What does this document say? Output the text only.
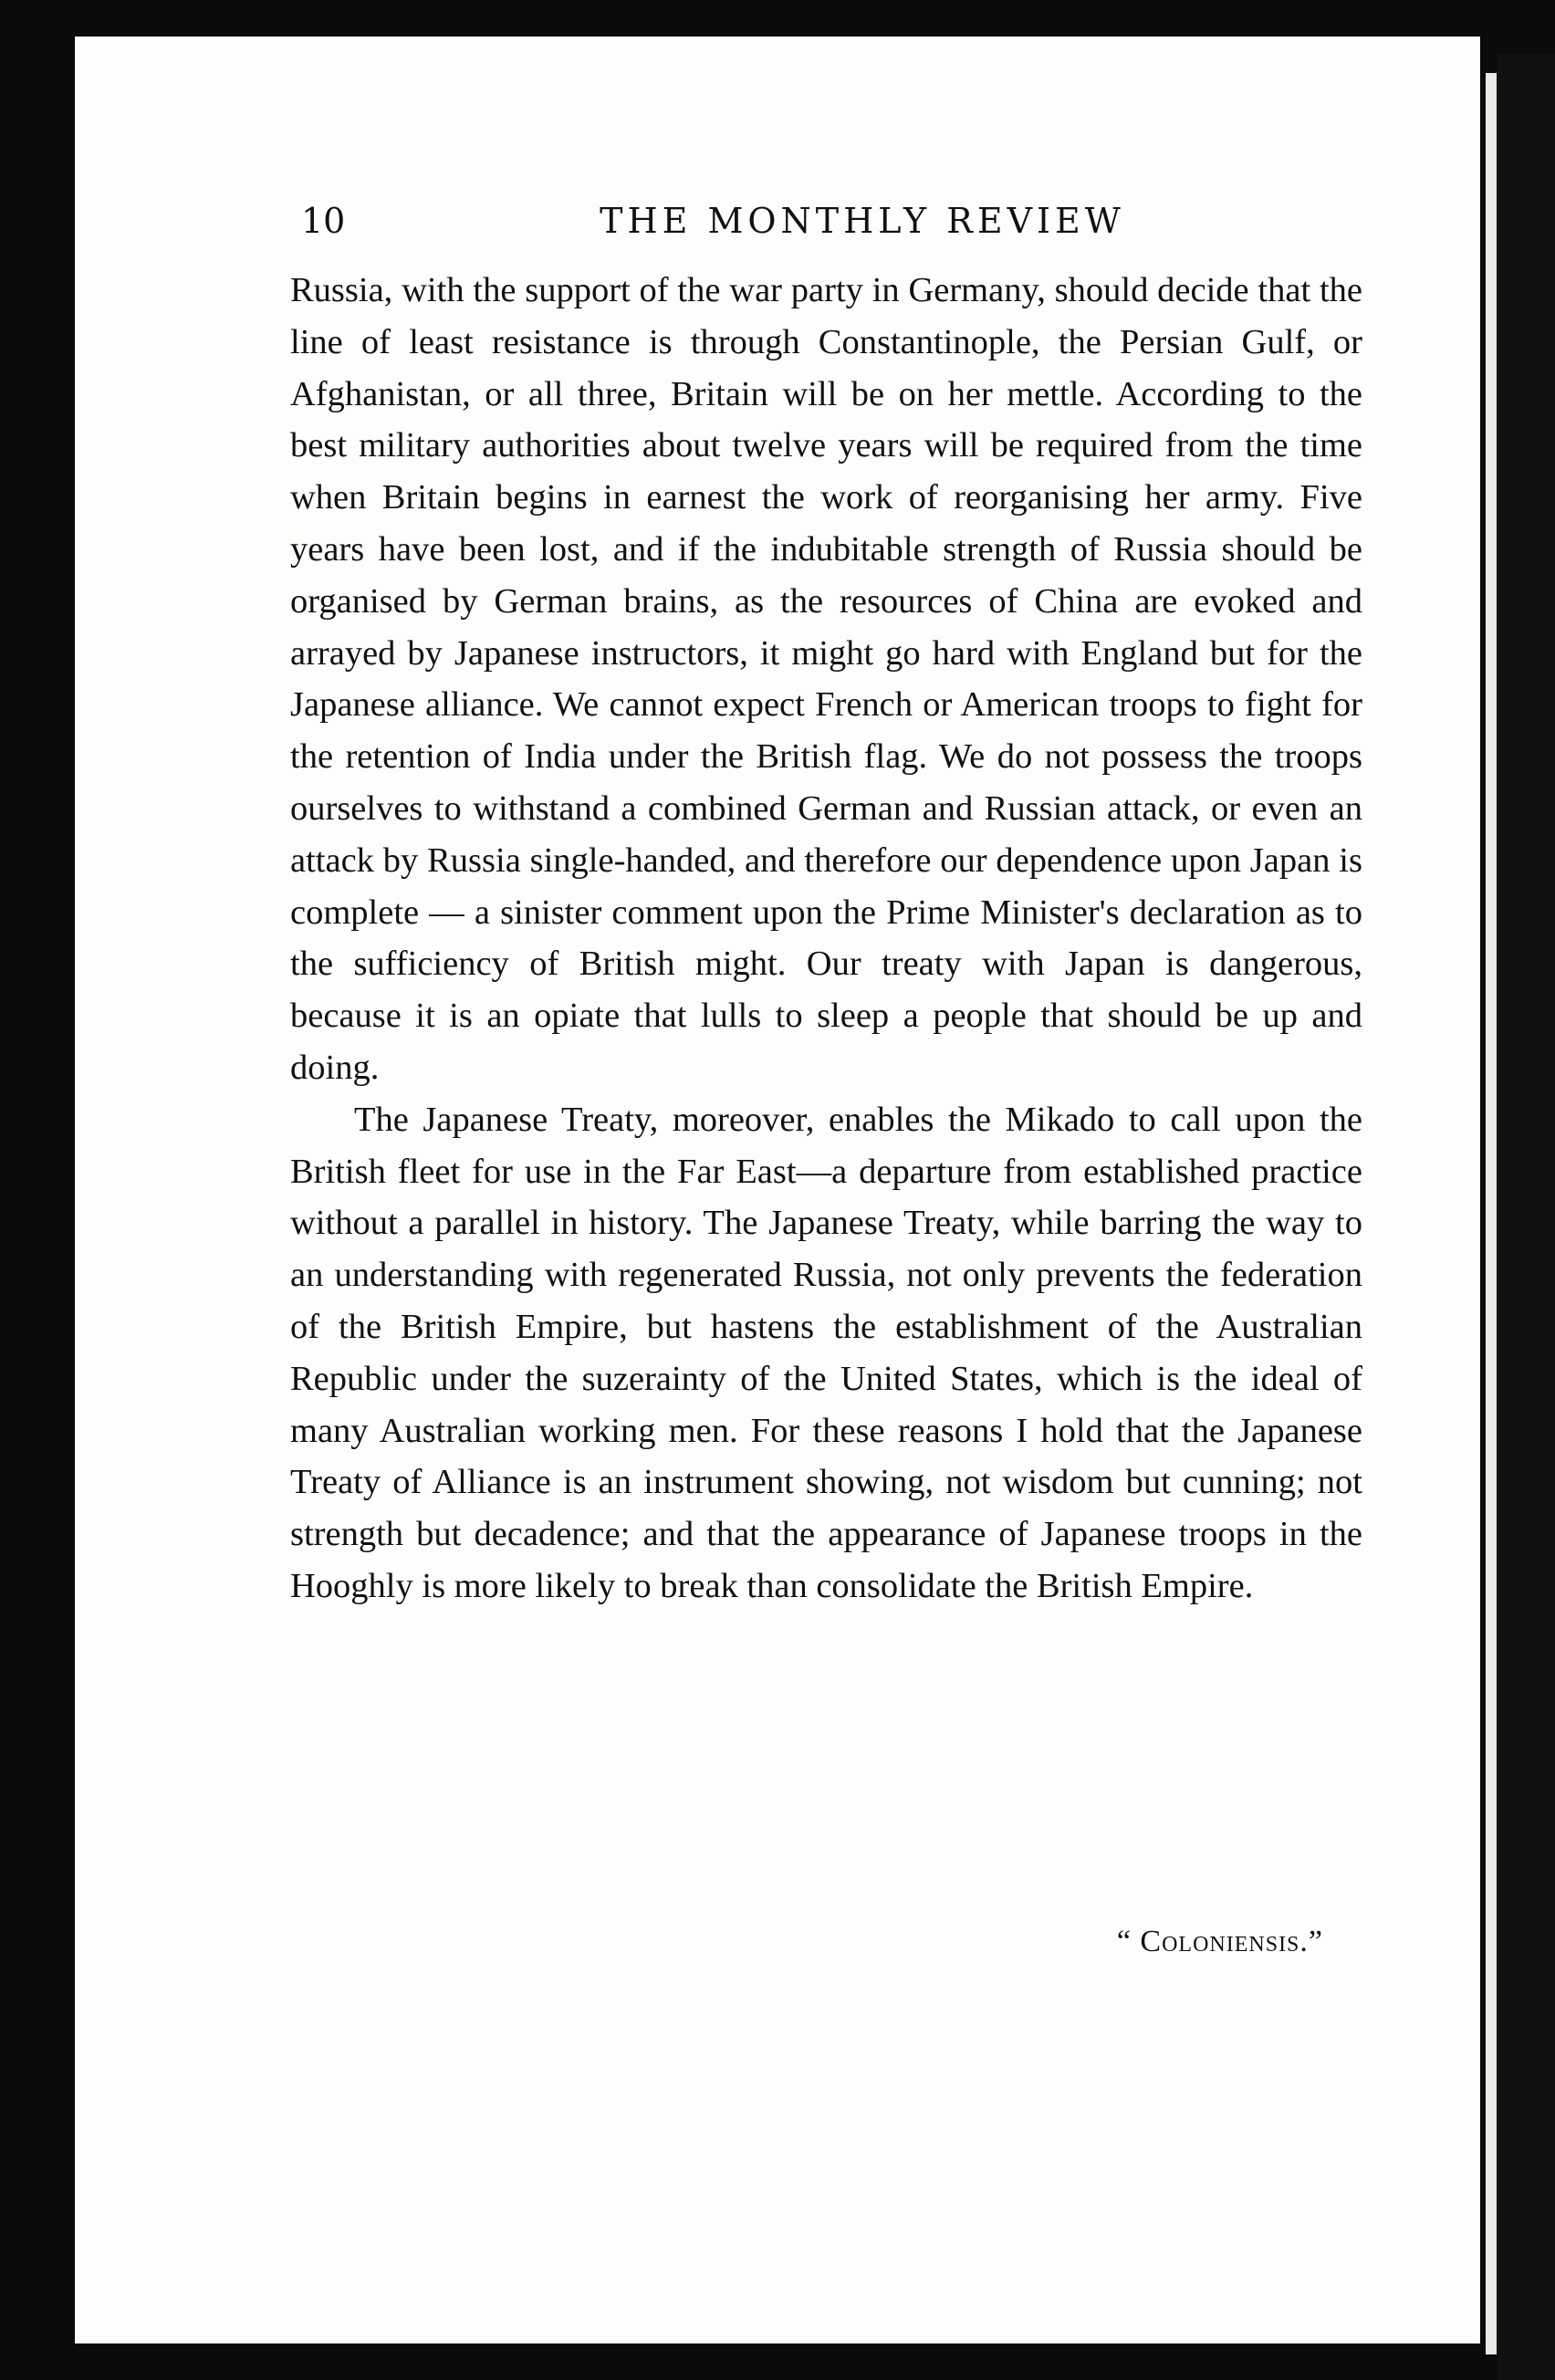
10	THE MONTHLY REVIEW

Russia, with the support of the war party in Germany, should decide that the line of least resistance is through Constantinople, the Persian Gulf, or Afghanistan, or all three, Britain will be on her mettle. According to the best military authorities about twelve years will be required from the time when Britain begins in earnest the work of reorganising her army. Five years have been lost, and if the indubitable strength of Russia should be organised by German brains, as the resources of China are evoked and arrayed by Japanese instructors, it might go hard with England but for the Japanese alliance. We cannot expect French or American troops to fight for the retention of India under the British flag. We do not possess the troops ourselves to withstand a combined German and Russian attack, or even an attack by Russia single-handed, and therefore our dependence upon Japan is complete — a sinister comment upon the Prime Minister's declaration as to the sufficiency of British might. Our treaty with Japan is dangerous, because it is an opiate that lulls to sleep a people that should be up and doing.

The Japanese Treaty, moreover, enables the Mikado to call upon the British fleet for use in the Far East—a departure from established practice without a parallel in history. The Japanese Treaty, while barring the way to an understanding with regenerated Russia, not only prevents the federation of the British Empire, but hastens the establishment of the Australian Republic under the suzerainty of the United States, which is the ideal of many Australian working men. For these reasons I hold that the Japanese Treaty of Alliance is an instrument showing, not wisdom but cunning; not strength but decadence; and that the appearance of Japanese troops in the Hooghly is more likely to break than consolidate the British Empire.

“ Coloniensis.”
